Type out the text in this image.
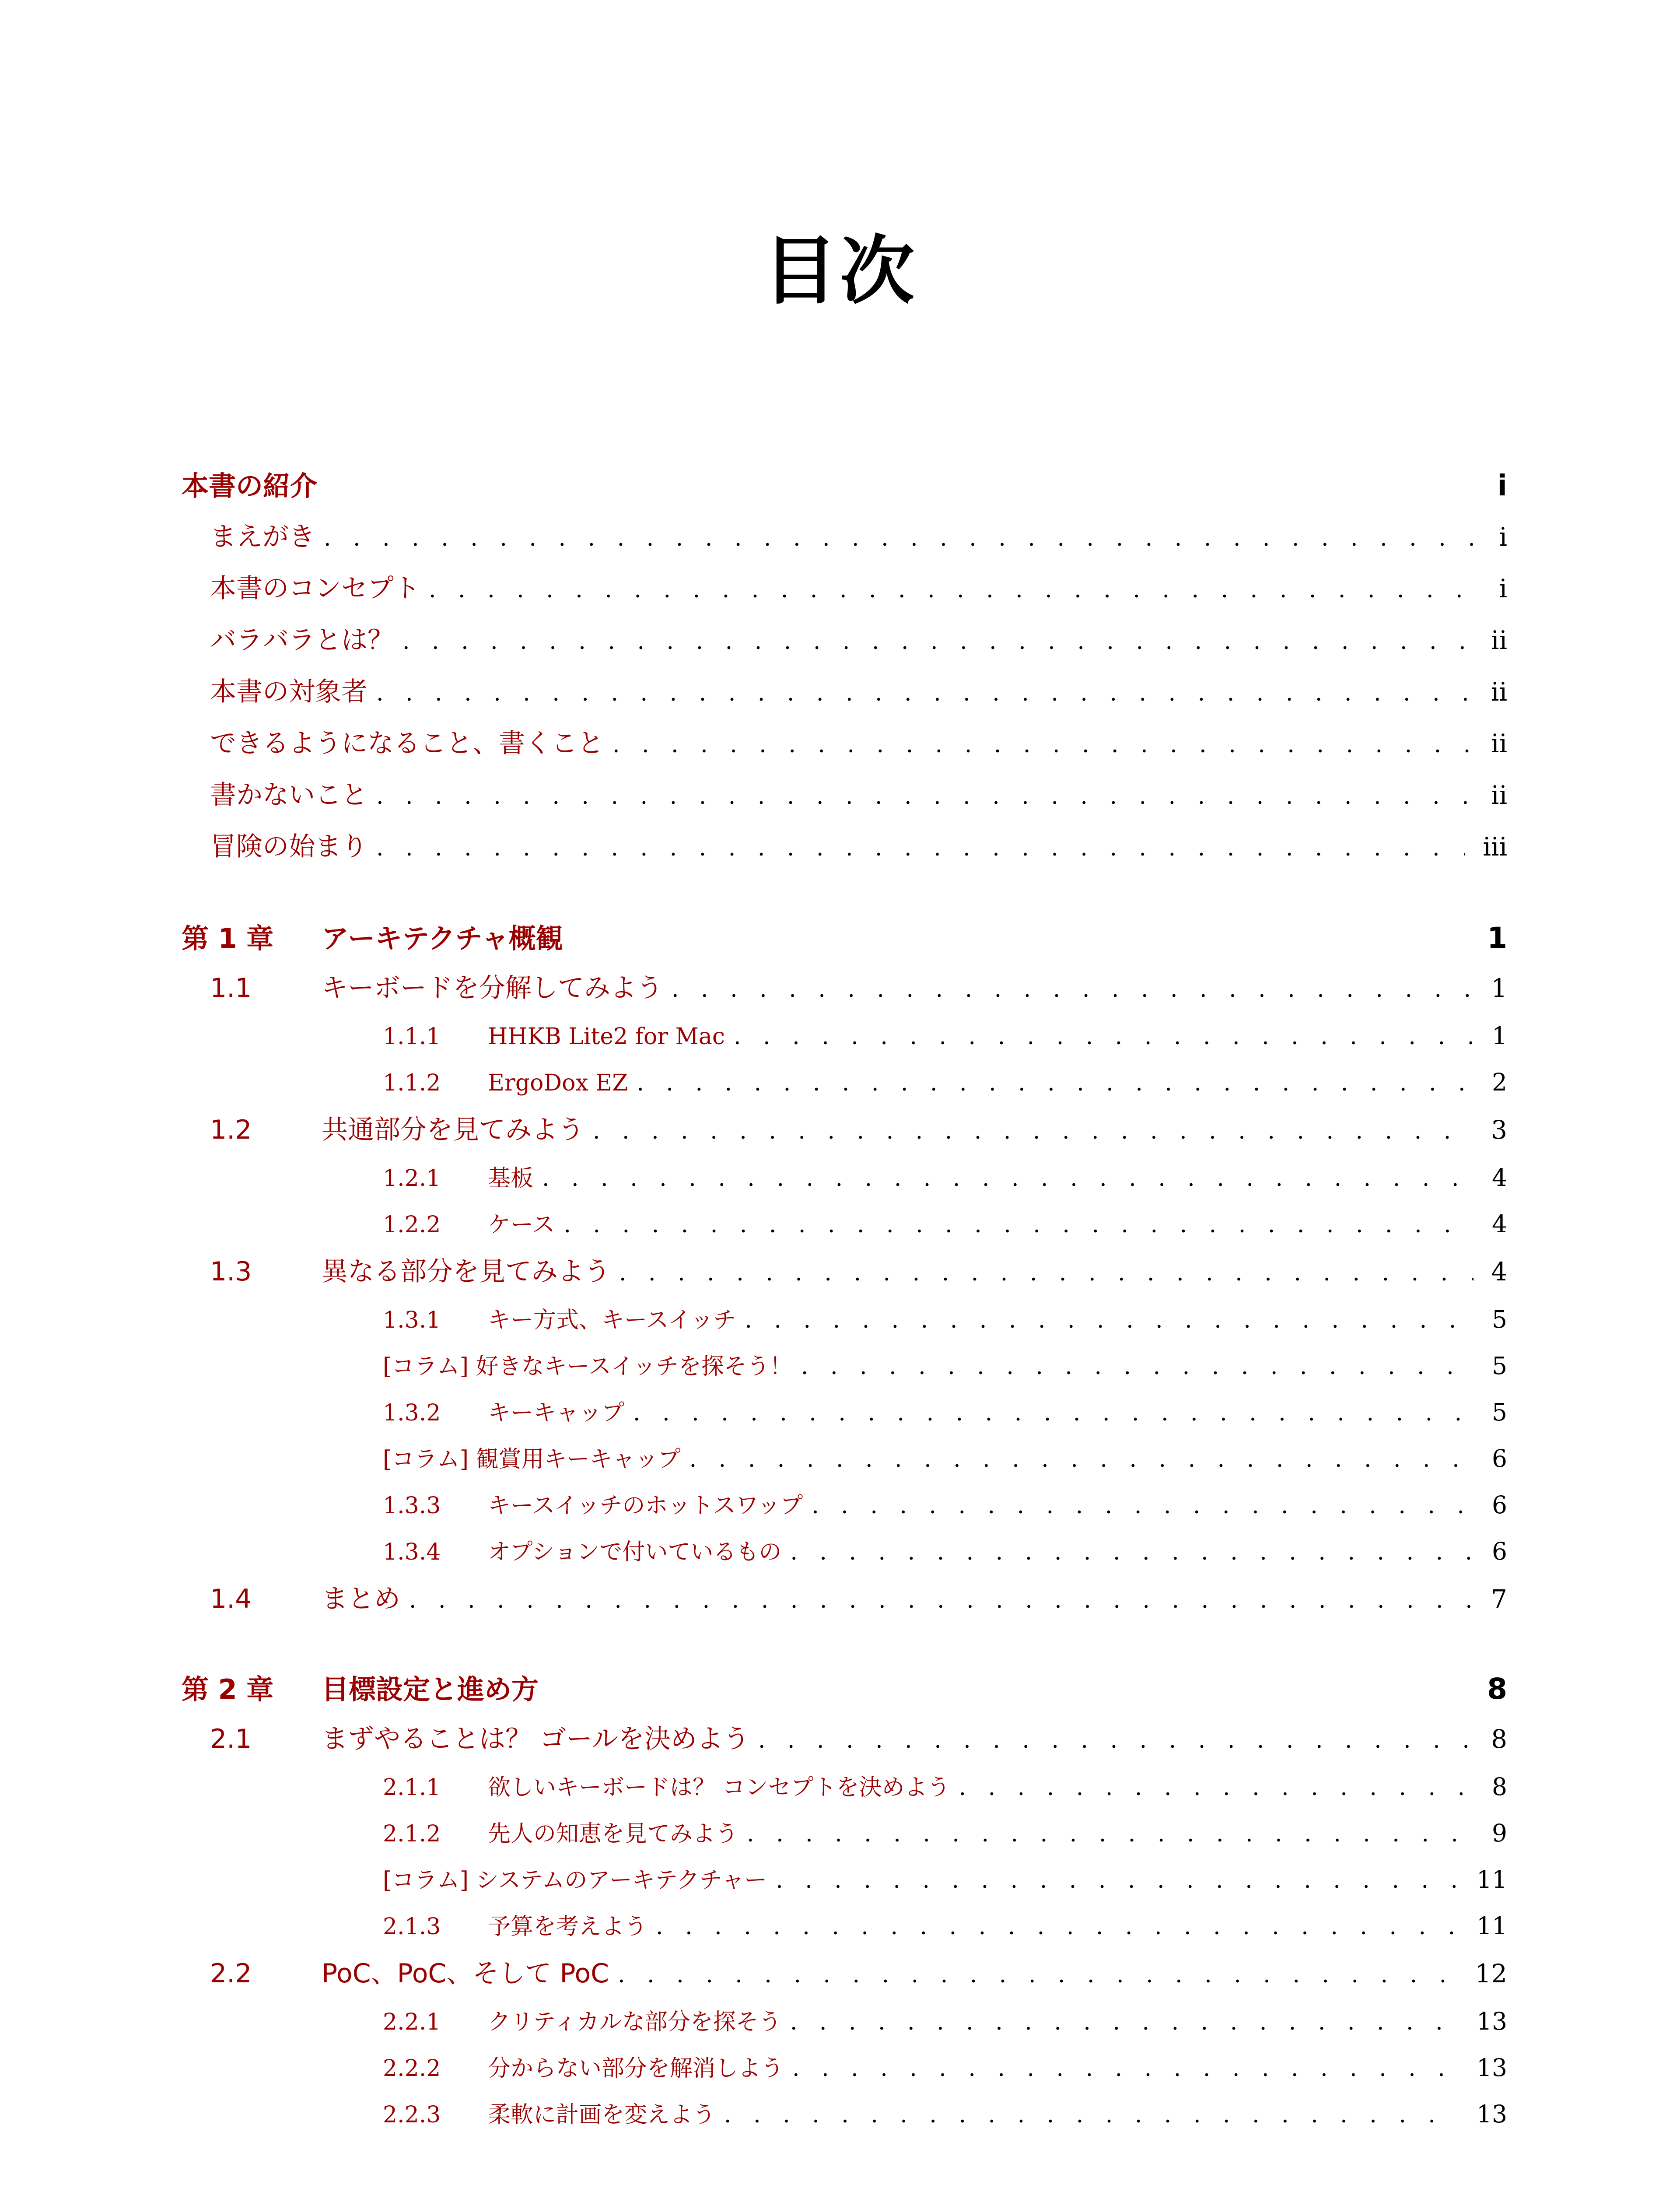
目次
本書の紹介	i
まえがき . . .	i
本書のコンセプト . . .	i
バラバラとは？ . . .	ii
本書の対象者 . . .	ii
できるようになること、書くこと . . .	ii
書かないこと . . .	ii
冒険の始まり . . .	iii
第 1 章	アーキテクチャ概観	1
1.1	キーボードを分解してみよう . . .	1
1.1.1	HHKB Lite2 for Mac . . .	1
1.1.2	ErgoDox EZ . . .	2
1.2	共通部分を見てみよう . . .	3
1.2.1	基板 . . .	4
1.2.2	ケース . . .	4
1.3	異なる部分を見てみよう . . .	4
1.3.1	キー方式、キースイッチ . . .	5
[コラム] 好きなキースイッチを探そう！ . . .	5
1.3.2	キーキャップ . . .	5
[コラム] 観賞用キーキャップ . . .	6
1.3.3	キースイッチのホットスワップ . . .	6
1.3.4	オプションで付いているもの . . .	6
1.4	まとめ . . .	7
第 2 章	目標設定と進め方	8
2.1	まずやることは？ ゴールを決めよう . . .	8
2.1.1	欲しいキーボードは？ コンセプトを決めよう . . .	8
2.1.2	先人の知恵を見てみよう . . .	9
[コラム] システムのアーキテクチャー . . .	11
2.1.3	予算を考えよう . . .	11
2.2	PoC、PoC、そして PoC . . .	12
2.2.1	クリティカルな部分を探そう . . .	13
2.2.2	分からない部分を解消しよう . . .	13
2.2.3	柔軟に計画を変えよう . . .	13
